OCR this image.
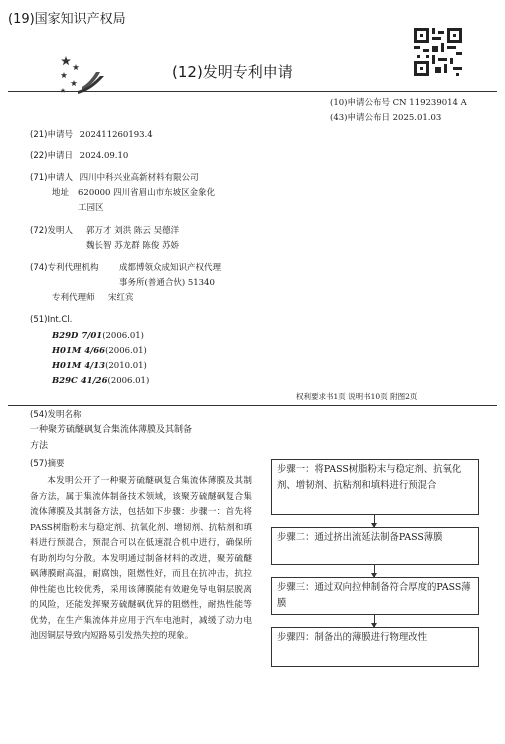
(19)国家知识产权局
(12)发明专利申请
(10)申请公布号 CN 119239014 A
(43)申请公布日 2025.01.03
(21)申请号 202411260193.4
(22)申请日 2024.09.10
(71)申请人 四川中科兴业高新材料有限公司
地址 620000 四川省眉山市东坡区金象化
工园区
(72)发明人 郭万才 刘洪 陈云 吴德洋
魏长智 苏龙群 陈俊 苏娇
(74)专利代理机构 成都博领众成知识产权代理
事务所(普通合伙) 51340
专利代理师 宋红宾
(51)Int.Cl.
B29D 7/01(2006.01)
H01M 4/66(2006.01)
H01M 4/13(2010.01)
B29C 41/26(2006.01)
权利要求书1页 说明书10页 附图2页
(54)发明名称
一种聚芳硫醚砜复合集流体薄膜及其制备
方法
(57)摘要
本发明公开了一种聚芳硫醚砜复合集流体薄膜及其制备方法，属于集流体制备技术领域，该聚芳硫醚砜复合集流体薄膜及其制备方法，包括如下步骤：步骤一：首先将PASS树脂粉末与稳定剂、抗氧化剂、增韧剂、抗粘剂和填料进行预混合，预混合可以在低速混合机中进行，确保所有助剂均匀分散。本发明通过制备材料的改进，聚芳硫醚砜薄膜耐高温，耐腐蚀，阻燃性好，而且在抗冲击，抗拉伸性能也比较优秀，采用该薄膜能有效避免导电铜层脱离的风险，还能发挥聚芳硫醚砜优异的阻燃性，耐热性能等优势，在生产集流体并应用于汽车电池时，减缓了动力电池因铜层导致内短路易引发热失控的现象。
步骤一：将PASS树脂粉末与稳定剂、抗氧化剂、增韧剂、抗粘剂和填料进行预混合
步骤二：通过挤出流延法制备PASS薄膜
步骤三：通过双向拉伸制备符合厚度的PASS薄膜
步骤四：制备出的薄膜进行物理改性
